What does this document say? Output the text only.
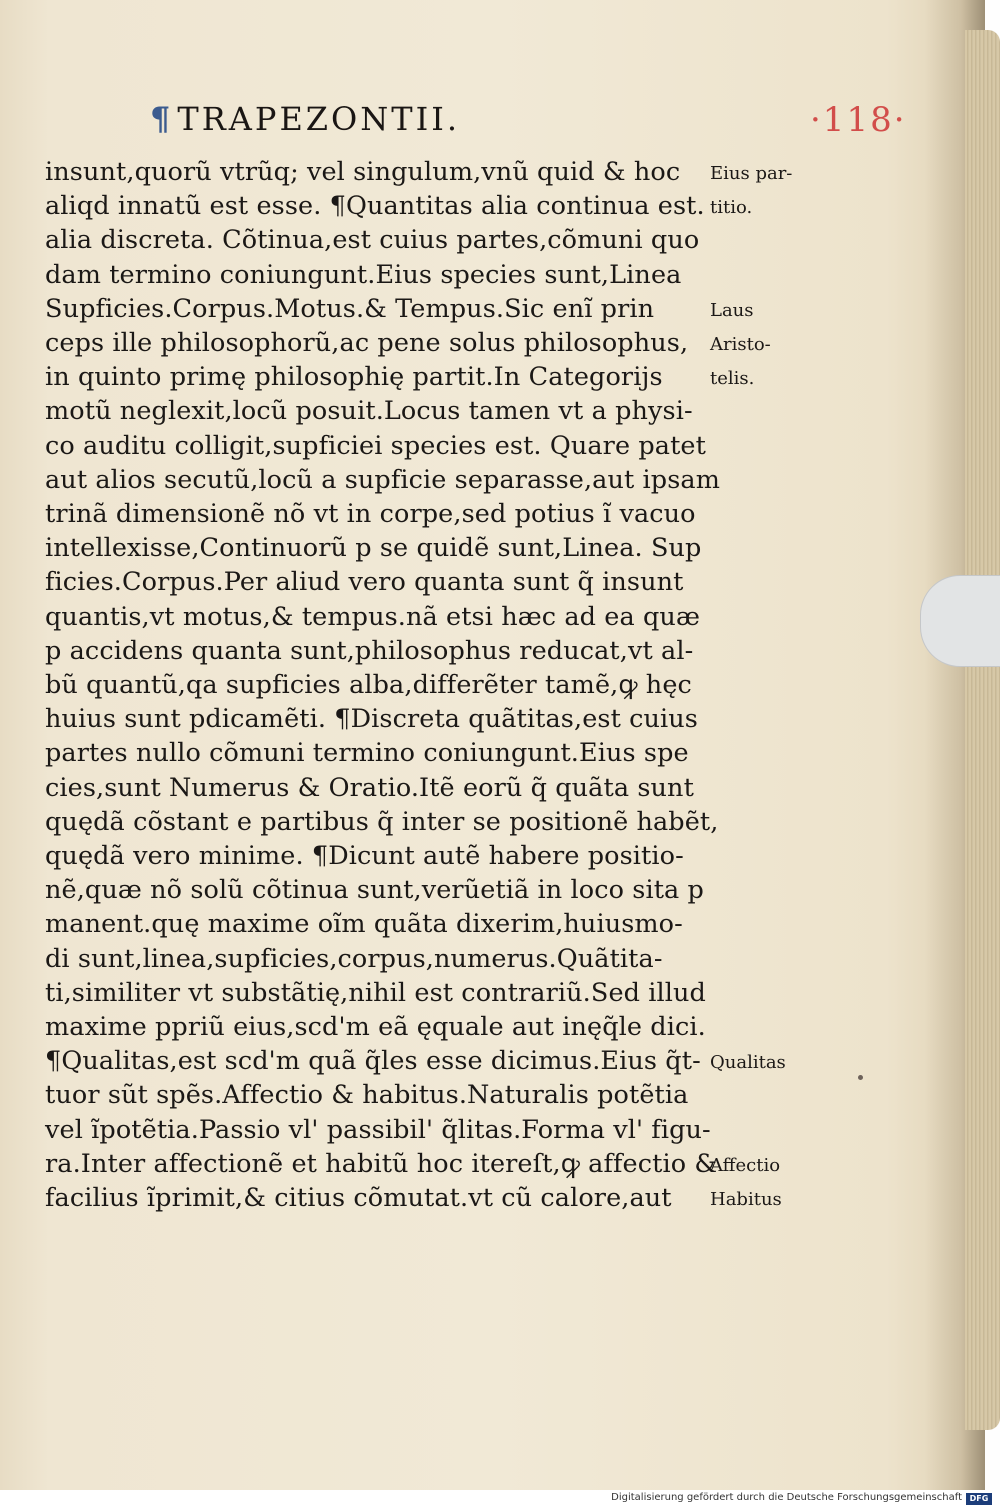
¶ TRAPEZONTII.	·118·
insunt,quorũ vtrũq; vel singulum,vnũ quid & hoc
aliqd innatũ est esse. ¶Quantitas alia continua est.
alia discreta. Cõtinua,est cuius partes,cõmuni quo
dam termino coniungunt.Eius species sunt,Linea
Supficies.Corpus.Motus.& Tempus.Sic enĩ prin
ceps ille philosophorũ,ac pene solus philosophus,
in quinto primę philosophię partit.In Categorijs
motũ neglexit,locũ posuit.Locus tamen vt a physi-
co auditu colligit,supficiei species est. Quare patet
aut alios secutũ,locũ a supficie separasse,aut ipsam
trinã dimensionẽ nõ vt in corpe,sed potius ĩ vacuo
intellexisse,Continuorũ p se quidẽ sunt,Linea. Sup
ficies.Corpus.Per aliud vero quanta sunt q̃ insunt
quantis,vt motus,& tempus.nã etsi hæc ad ea quæ
p accidens quanta sunt,philosophus reducat,vt al-
bũ quantũ,qa supficies alba,differẽter tamẽ,ꝙ hęc
huius sunt pdicamẽti. ¶Discreta quãtitas,est cuius
partes nullo cõmuni termino coniungunt.Eius spe
cies,sunt Numerus & Oratio.Itẽ eorũ q̃ quãta sunt
quędã cõstant e partibus q̃ inter se positionẽ habẽt,
quędã vero minime. ¶Dicunt autẽ habere positio-
nẽ,quæ nõ solũ cõtinua sunt,verũetiã in loco sita p
manent.quę maxime oĩm quãta dixerim,huiusmo-
di sunt,linea,supficies,corpus,numerus.Quãtita-
ti,similiter vt substãtię,nihil est contrariũ.Sed illud
maxime ppriũ eius,scd'm eã ęquale aut inęq̃le dici.
¶Qualitas,est scd'm quã q̃les esse dicimus.Eius q̃t-
tuor sũt spẽs.Affectio & habitus.Naturalis potẽtia
vel ĩpotẽtia.Passio vl' passibil' q̃litas.Forma vl' figu-
ra.Inter affectionẽ et habitũ hoc itereſt,ꝙ affectio &
facilius ĩprimit,& citius cõmutat.vt cũ calore,aut
Eius par-
titio.
Laus
Aristo-
telis.
Qualitas
Affectio
Habitus
Digitalisierung gefördert durch die Deutsche Forschungsgemeinschaft DFG
